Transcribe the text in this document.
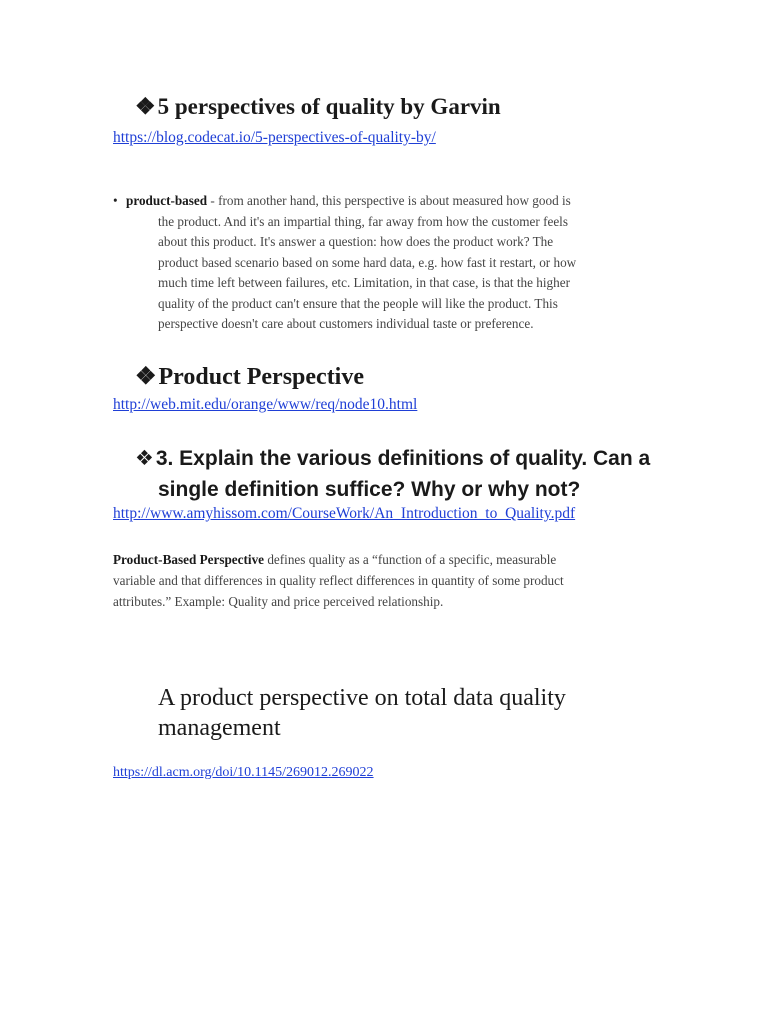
❖5 perspectives of quality by Garvin
https://blog.codecat.io/5-perspectives-of-quality-by/
• product-based - from another hand, this perspective is about measured how good is
the product. And it's an impartial thing, far away from how the customer feels
about this product. It's answer a question: how does the product work? The
product based scenario based on some hard data, e.g. how fast it restart, or how
much time left between failures, etc. Limitation, in that case, is that the higher
quality of the product can't ensure that the people will like the product. This
perspective doesn't care about customers individual taste or preference.
❖Product Perspective
http://web.mit.edu/orange/www/req/node10.html
❖3. Explain the various definitions of quality. Can a
single definition suffice? Why or why not?
http://www.amyhissom.com/CourseWork/An_Introduction_to_Quality.pdf
Product-Based Perspective defines quality as a “function of a specific, measurable
variable and that differences in quality reflect differences in quantity of some product
attributes.” Example: Quality and price perceived relationship.
A product perspective on total data quality
management
https://dl.acm.org/doi/10.1145/269012.269022
